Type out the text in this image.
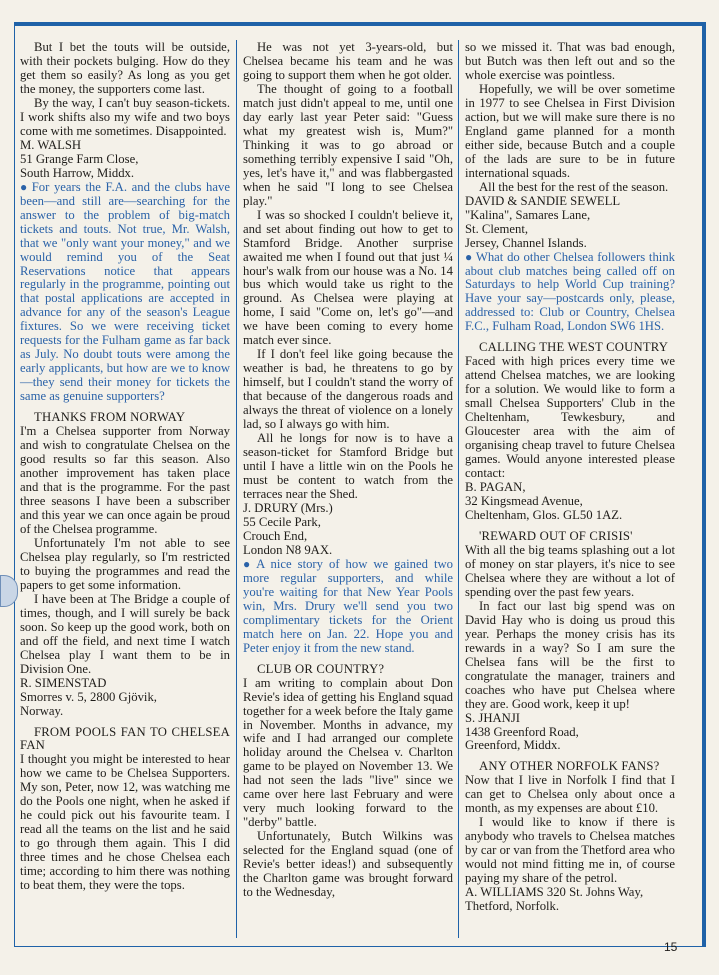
But I bet the touts will be outside, with their pockets bulging. How do they get them so easily? As long as you get the money, the supporters come last.

By the way, I can't buy season-tickets. I work shifts also my wife and two boys come with me sometimes. Disappointed.

M. WALSH

51 Grange Farm Close,

South Harrow, Middx.

● For years the F.A. and the clubs have been—and still are—searching for the answer to the problem of big-match tickets and touts. Not true, Mr. Walsh, that we "only want your money," and we would remind you of the Seat Reservations notice that appears regularly in the programme, pointing out that postal applications are accepted in advance for any of the season's League fixtures. So we were receiving ticket requests for the Fulham game as far back as July. No doubt touts were among the early applicants, but how are we to know—they send their money for tickets the same as genuine supporters?

THANKS FROM NORWAY

I'm a Chelsea supporter from Norway and wish to congratulate Chelsea on the good results so far this season. Also another improvement has taken place and that is the programme. For the past three seasons I have been a subscriber and this year we can once again be proud of the Chelsea programme.

Unfortunately I'm not able to see Chelsea play regularly, so I'm restricted to buying the programmes and read the papers to get some information.

I have been at The Bridge a couple of times, though, and I will surely be back soon. So keep up the good work, both on and off the field, and next time I watch Chelsea play I want them to be in Division One.

R. SIMENSTAD

Smorres v. 5, 2800 Gjövik,

Norway.

FROM POOLS FAN TO CHELSEA FAN

I thought you might be interested to hear how we came to be Chelsea Supporters. My son, Peter, now 12, was watching me do the Pools one night, when he asked if he could pick out his favourite team. I read all the teams on the list and he said to go through them again. This I did three times and he chose Chelsea each time; according to him there was nothing to beat them, they were the tops.

He was not yet 3-years-old, but Chelsea became his team and he was going to support them when he got older.

The thought of going to a football match just didn't appeal to me, until one day early last year Peter said: "Guess what my greatest wish is, Mum?" Thinking it was to go abroad or something terribly expensive I said "Oh, yes, let's have it," and was flabbergasted when he said "I long to see Chelsea play."

I was so shocked I couldn't believe it, and set about finding out how to get to Stamford Bridge. Another surprise awaited me when I found out that just ¼ hour's walk from our house was a No. 14 bus which would take us right to the ground. As Chelsea were playing at home, I said "Come on, let's go"—and we have been coming to every home match ever since.

If I don't feel like going because the weather is bad, he threatens to go by himself, but I couldn't stand the worry of that because of the dangerous roads and always the threat of violence on a lonely lad, so I always go with him.

All he longs for now is to have a season-ticket for Stamford Bridge but until I have a little win on the Pools he must be content to watch from the terraces near the Shed.

J. DRURY (Mrs.)

55 Cecile Park,

Crouch End,

London N8 9AX.

● A nice story of how we gained two more regular supporters, and while you're waiting for that New Year Pools win, Mrs. Drury we'll send you two complimentary tickets for the Orient match here on Jan. 22. Hope you and Peter enjoy it from the new stand.

CLUB OR COUNTRY?

I am writing to complain about Don Revie's idea of getting his England squad together for a week before the Italy game in November. Months in advance, my wife and I had arranged our complete holiday around the Chelsea v. Charlton game to be played on November 13. We had not seen the lads "live" since we came over here last February and were very much looking forward to the "derby" battle.

Unfortunately, Butch Wilkins was selected for the England squad (one of Revie's better ideas!) and subsequently the Charlton game was brought forward to the Wednesday,

so we missed it. That was bad enough, but Butch was then left out and so the whole exercise was pointless.

Hopefully, we will be over sometime in 1977 to see Chelsea in First Division action, but we will make sure there is no England game planned for a month either side, because Butch and a couple of the lads are sure to be in future international squads.

All the best for the rest of the season.

DAVID & SANDIE SEWELL

"Kalina", Samares Lane,

St. Clement,

Jersey, Channel Islands.

● What do other Chelsea followers think about club matches being called off on Saturdays to help World Cup training? Have your say—postcards only, please, addressed to: Club or Country, Chelsea F.C., Fulham Road, London SW6 1HS.

CALLING THE WEST COUNTRY

Faced with high prices every time we attend Chelsea matches, we are looking for a solution. We would like to form a small Chelsea Supporters' Club in the Cheltenham, Tewkesbury, and Gloucester area with the aim of organising cheap travel to future Chelsea games. Would anyone interested please contact:

B. PAGAN,

32 Kingsmead Avenue,

Cheltenham, Glos. GL50 1AZ.

'REWARD OUT OF CRISIS'

With all the big teams splashing out a lot of money on star players, it's nice to see Chelsea where they are without a lot of spending over the past few years.

In fact our last big spend was on David Hay who is doing us proud this year. Perhaps the money crisis has its rewards in a way? So I am sure the Chelsea fans will be the first to congratulate the manager, trainers and coaches who have put Chelsea where they are. Good work, keep it up!

S. JHANJI

1438 Greenford Road,

Greenford, Middx.

ANY OTHER NORFOLK FANS?

Now that I live in Norfolk I find that I can get to Chelsea only about once a month, as my expenses are about £10.

I would like to know if there is anybody who travels to Chelsea matches by car or van from the Thetford area who would not mind fitting me in, of course paying my share of the petrol.

A. WILLIAMS 320 St. Johns Way,

Thetford, Norfolk.

15
